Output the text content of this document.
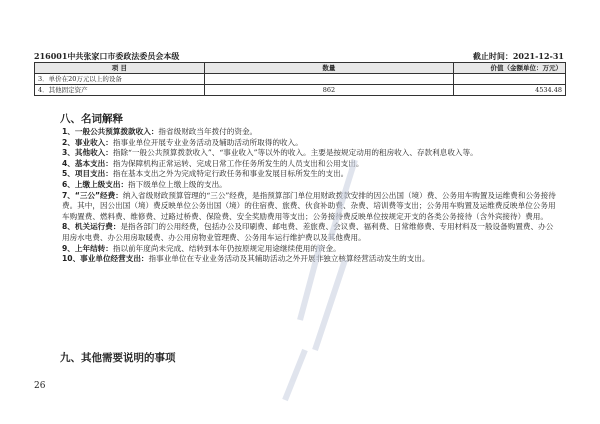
216001中共张家口市委政法委员会本级	截止时间：2021-12-31
项 目	数量	价值（金额单位：万元）
3．单价在20万元以上的设备		
4．其他固定资产	862	4534.48
八、名词解释

1、一般公共预算拨款收入：指省级财政当年拨付的资金。

2、事业收入：指事业单位开展专业业务活动及辅助活动所取得的收入。

3、其他收入：指除“一般公共预算拨款收入”、“事业收入”等以外的收入。主要是按规定动用的租房收入、存款利息收入等。

4、基本支出：指为保障机构正常运转、完成日常工作任务所发生的人员支出和公用支出。

5、项目支出：指在基本支出之外为完成特定行政任务和事业发展目标所发生的支出。

6、上缴上级支出：指下级单位上缴上级的支出。

7、“三公”经费：纳入省级财政预算管理的“三公”经费，是指预算部门单位用财政拨款安排的因公出国（境）费、公务用车购置及运维费和公务接待费。其中，因公出国（境）费反映单位公务出国（境）的住宿费、旅费、伙食补助费、杂费、培训费等支出；公务用车购置及运维费反映单位公务用车购置费、燃料费、维修费、过路过桥费、保险费、安全奖励费用等支出；公务接待费反映单位按规定开支的各类公务接待（含外宾接待）费用。

8、机关运行费：是指各部门的公用经费，包括办公及印刷费、邮电费、差旅费、会议费、福利费、日常维修费、专用材料及一般设备购置费、办公用房水电费、办公用房取暖费、办公用房物业管理费、公务用车运行维护费以及其他费用。

9、上年结转：指以前年度尚未完成、结转到本年仍按原规定用途继续使用的资金。

10、事业单位经营支出：指事业单位在专业业务活动及其辅助活动之外开展非独立核算经营活动发生的支出。

九、其他需要说明的事项
26
